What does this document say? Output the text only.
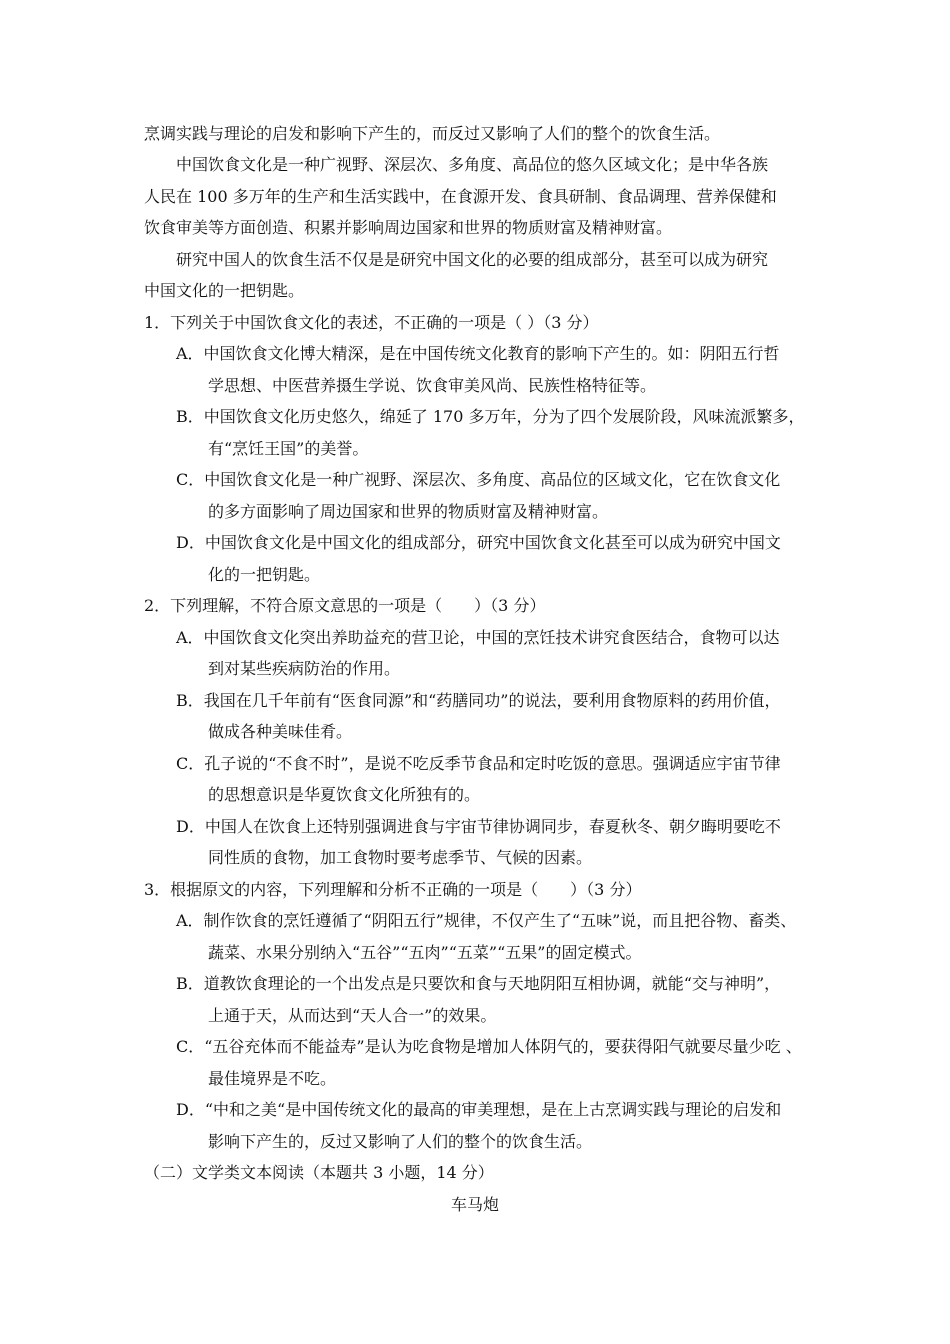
烹调实践与理论的启发和影响下产生的，而反过又影响了人们的整个的饮食生活。
中国饮食文化是一种广视野、深层次、多角度、高品位的悠久区域文化；是中华各族
人民在 100 多万年的生产和生活实践中，在食源开发、食具研制、食品调理、营养保健和
饮食审美等方面创造、积累并影响周边国家和世界的物质财富及精神财富。
研究中国人的饮食生活不仅是是研究中国文化的必要的组成部分，甚至可以成为研究
中国文化的一把钥匙。
1．下列关于中国饮食文化的表述，不正确的一项是（ ）（3 分）
A．中国饮食文化博大精深，是在中国传统文化教育的影响下产生的。如：阴阳五行哲
学思想、中医营养摄生学说、饮食审美风尚、民族性格特征等。
B．中国饮食文化历史悠久，绵延了 170 多万年，分为了四个发展阶段，风味流派繁多，
有“烹饪王国”的美誉。
C．中国饮食文化是一种广视野、深层次、多角度、高品位的区域文化，它在饮食文化
的多方面影响了周边国家和世界的物质财富及精神财富。
D．中国饮食文化是中国文化的组成部分，研究中国饮食文化甚至可以成为研究中国文
化的一把钥匙。
2．下列理解，不符合原文意思的一项是（　　）（3 分）
A．中国饮食文化突出养助益充的营卫论，中国的烹饪技术讲究食医结合，食物可以达
到对某些疾病防治的作用。
B．我国在几千年前有“医食同源”和“药膳同功”的说法，要利用食物原料的药用价值，
做成各种美味佳肴。
C．孔子说的“不食不时”，是说不吃反季节食品和定时吃饭的意思。强调适应宇宙节律
的思想意识是华夏饮食文化所独有的。
D．中国人在饮食上还特别强调进食与宇宙节律协调同步，春夏秋冬、朝夕晦明要吃不
同性质的食物，加工食物时要考虑季节、气候的因素。
3．根据原文的内容，下列理解和分析不正确的一项是（　　）（3 分）
A．制作饮食的烹饪遵循了“阴阳五行”规律，不仅产生了“五味”说，而且把谷物、畜类、
蔬菜、水果分别纳入“五谷”“五肉”“五菜”“五果”的固定模式。
B．道教饮食理论的一个出发点是只要饮和食与天地阴阳互相协调，就能“交与神明”，
上通于天，从而达到“天人合一”的效果。
C．“五谷充体而不能益寿”是认为吃食物是增加人体阴气的，要获得阳气就要尽量少吃 、
最佳境界是不吃。
D．“中和之美“是中国传统文化的最高的审美理想，是在上古烹调实践与理论的启发和
影响下产生的，反过又影响了人们的整个的饮食生活。
（二）文学类文本阅读（本题共 3 小题，14 分）
车马炮
